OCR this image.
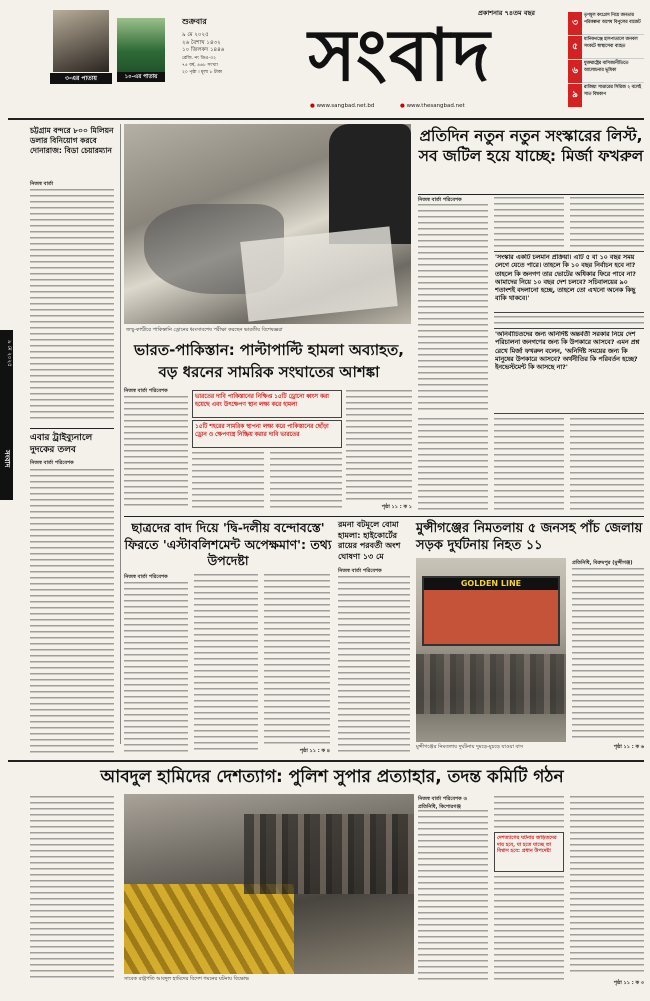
৩-এর পাতায়	১০-এর পাতায়
শুক্রবার
৯ মে ২০২৫
২৬ বৈশাখ ১৪৩২
১০ জিলকদ ১৪৪৬
রেজি. নং ডিএ-৩২
৭৫ বর্ষ, ৪৬৮ সংখ্যা
২০ পৃষ্ঠা । মূল্য ৮ টাকা	সংবাদ
প্রকাশনার ৭৪তম বছর
● www.sangbad.net.bd	● www.thesangbad.net
৩
তৃণমূল কংগ্রেস নিয়ে জনতার পরিকল্পনা অশেষ বিপুলের বাজেট
৫
মানিকগঞ্জে হাসপাতালে জনবল সংকটে স্বাস্থ্যসেবা ব্যাহত
৬
যুক্তরাষ্ট্রের বাণিজ্যনীতিতে আলোচনার ভূমিকা
৯
রাজিয়া সাত্তারের সিরিজ ২ বলেই সাত বিশ্বকাপ
চট্টগ্রাম বন্দরে ৮০০ মিলিয়ন ডলার বিনিয়োগ করবে দোনারাজ: বিডা চেয়ারম্যান
নিজস্ব বার্তা
সংবাদ
৯ মে ২০২৫
এবার ট্রাইব্যুনালে দুদকের তলব
নিজস্ব বার্তা পরিবেশক
জম্মু-কাশ্মীরে পাকিস্তানি ড্রোনের ধ্বংসাবশেষ পরীক্ষা করছেন ভারতীয় বিশেষজ্ঞরা
প্রতিদিন নতুন নতুন সংস্কারের লিস্ট, সব জটিল হয়ে যাচ্ছে: মির্জা ফখরুল
নিজস্ব বার্তা পরিবেশক
'সংস্কার একটি চলমান প্রক্রিয়া। এটি ৫ বা ১০ বছর সময় লেগে যেতে পারে। তাহলে কি ১০ বছর নির্বাচন হবে না? তাহলে কি জনগণ তার ভোটের অধিকার ফিরে পাবে না? আমাদের নিয়ে ১০ বছর দেশ চলবে? সচিবালয়ের ৯০ শতাংশই বদলানো হচ্ছে, তাহলে তো এখনো অনেক কিছু বাকি থাকবে।'
'অনির্বাচিতদের জন্য অনির্দিষ্ট অন্তর্বর্তী সরকার নিয়ে দেশ পরিচালনা জনগণের জন্য কি উপকারে আসবে? এমন প্রশ্ন রেখে মির্জা ফখরুল বলেন, 'অনির্দিষ্ট সময়ের জন্য কি মানুষের উপকারে আসবে? অর্থনীতির কি পরিবর্তন হচ্ছে? ইনভেস্টমেন্ট কি আসছে না?'
ভারত-পাকিস্তান: পাল্টাপাল্টি হামলা অব্যাহত,
বড় ধরনের সামরিক সংঘাতের আশঙ্কা
নিজস্ব বার্তা পরিবেশক
ভারতের দাবি পাকিস্তানের নিক্ষিপ্ত ১৫টি ড্রোনো ধ্বংস করা হয়েছে এবং উৎক্ষেপণ স্থান লক্ষ্য করে হামলা
১৫টি শহরের সামরিক স্থাপনা লক্ষ্য করে পাকিস্তানের ছোঁড়া ড্রোন ও ক্ষেপণাস্ত্র নিষ্ক্রিয় করার দাবি ভারতের
পৃষ্ঠা ১১ : ক ১
ছাত্রদের বাদ দিয়ে 'দ্বি-দলীয় বন্দোবস্তে' ফিরতে 'এস্টাবলিশমেন্ট অপেক্ষমাণ': তথ্য উপদেষ্টা
নিজস্ব বার্তা পরিবেশক
পৃষ্ঠা ১১ : ক ৪
রমনা বটমূলে বোমা হামলা: হাইকোর্টের রায়ের পরবর্তী অংশ ঘোষণা ১৩ মে
নিজস্ব বার্তা পরিবেশক
মুন্সীগঞ্জের নিমতলায় ৫ জনসহ পাঁচ জেলায় সড়ক দুর্ঘটনায় নিহত ১১
GOLDEN LINE
মুন্সীগঞ্জের নিমতলায় দুর্ঘটনায় দুমড়ে-মুচড়ে যাওয়া বাস
প্রতিনিধি, বিক্রমপুর (মুন্সীগঞ্জ)
পৃষ্ঠা ১১ : ক ৬
আবদুল হামিদের দেশত্যাগ: পুলিশ সুপার প্রত্যাহার, তদন্ত কমিটি গঠন
সাবেক রাষ্ট্রপতি আবদুল হামিদের বিদেশ গমনের ঘটনায় বিক্ষোভ
নিজস্ব বার্তা পরিবেশক ও প্রতিনিধি, কিশোরগঞ্জ
দেশত্যাগের ঘটনায় জড়িতদের দায় হবে, যা হতে যাচ্ছে তা বিশ্বাস হবে: প্রধান উপদেষ্টা
পৃষ্ঠা ১১ : ক ৩
